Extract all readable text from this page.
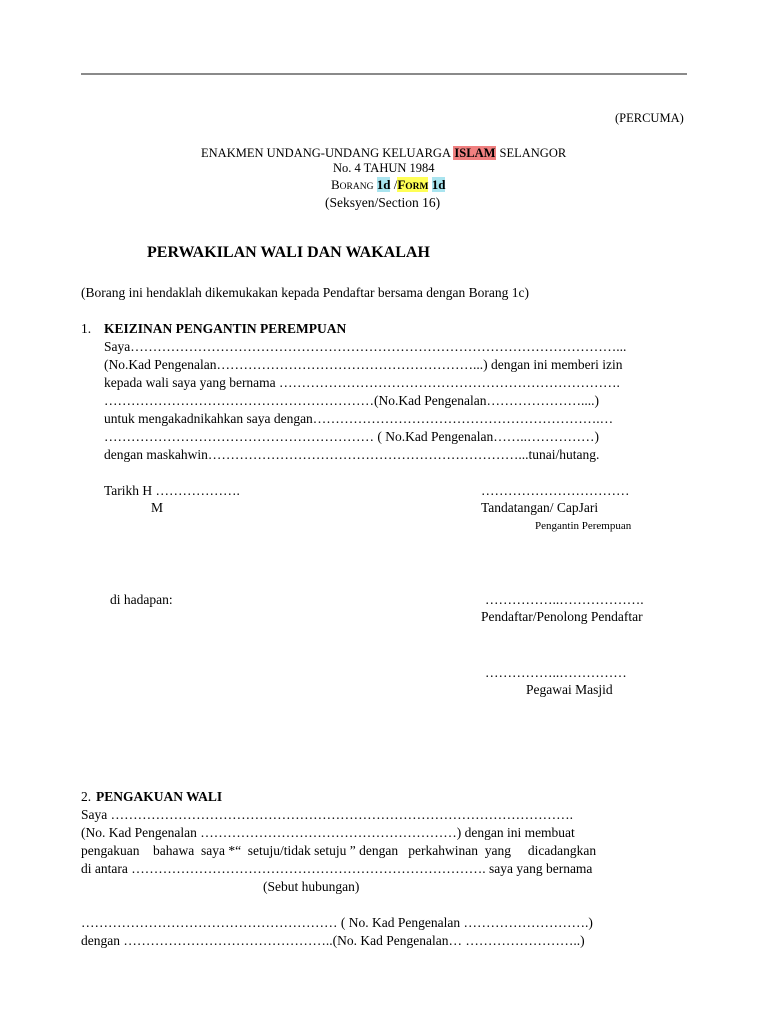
(PERCUMA)
ENAKMEN UNDANG-UNDANG KELUARGA ISLAM SELANGOR
No. 4 TAHUN 1984
BORANG 1d /FORM 1d
(Seksyen/Section 16)
PERWAKILAN WALI DAN WAKALAH
(Borang ini hendaklah dikemukakan kepada Pendaftar bersama dengan Borang 1c)
1. KEIZINAN PENGANTIN PEREMPUAN
Saya………………………………………………………………………………………………...
(No.Kad Pengenalan…………………………………………………...) dengan ini memberi izin
kepada wali saya yang bernama ………………………………………………………………….
……………………………………………………(No.Kad Pengenalan…………………....)
untuk mengakadnikahkan saya dengan……………………………………………………….…
…………………………………………………… ( No.Kad Pengenalan……..……………)
dengan maskahwin……………………………………………………………...tunai/hutang.
Tarikh H ……………….
M
……………………………
Tandatangan/ CapJari
Pengantin Perempuan
di hadapan:	……………..……………….
Pendaftar/Penolong Pendaftar
……………..……………
Pegawai Masjid
2. PENGAKUAN WALI
Saya ………………………………………………………………………………………….
(No. Kad Pengenalan …………………………………………………) dengan ini membuat
pengakuan    bahawa  saya *“  setuju/tidak setuju ” dengan   perkahwinan  yang     dicadangkan
di antara ……………………………………………………………………. saya yang bernama
(Sebut hubungan)
………………………………………………… ( No. Kad Pengenalan ……………………….)
dengan ………………………………………..(No. Kad Pengenalan… ……………………..)
